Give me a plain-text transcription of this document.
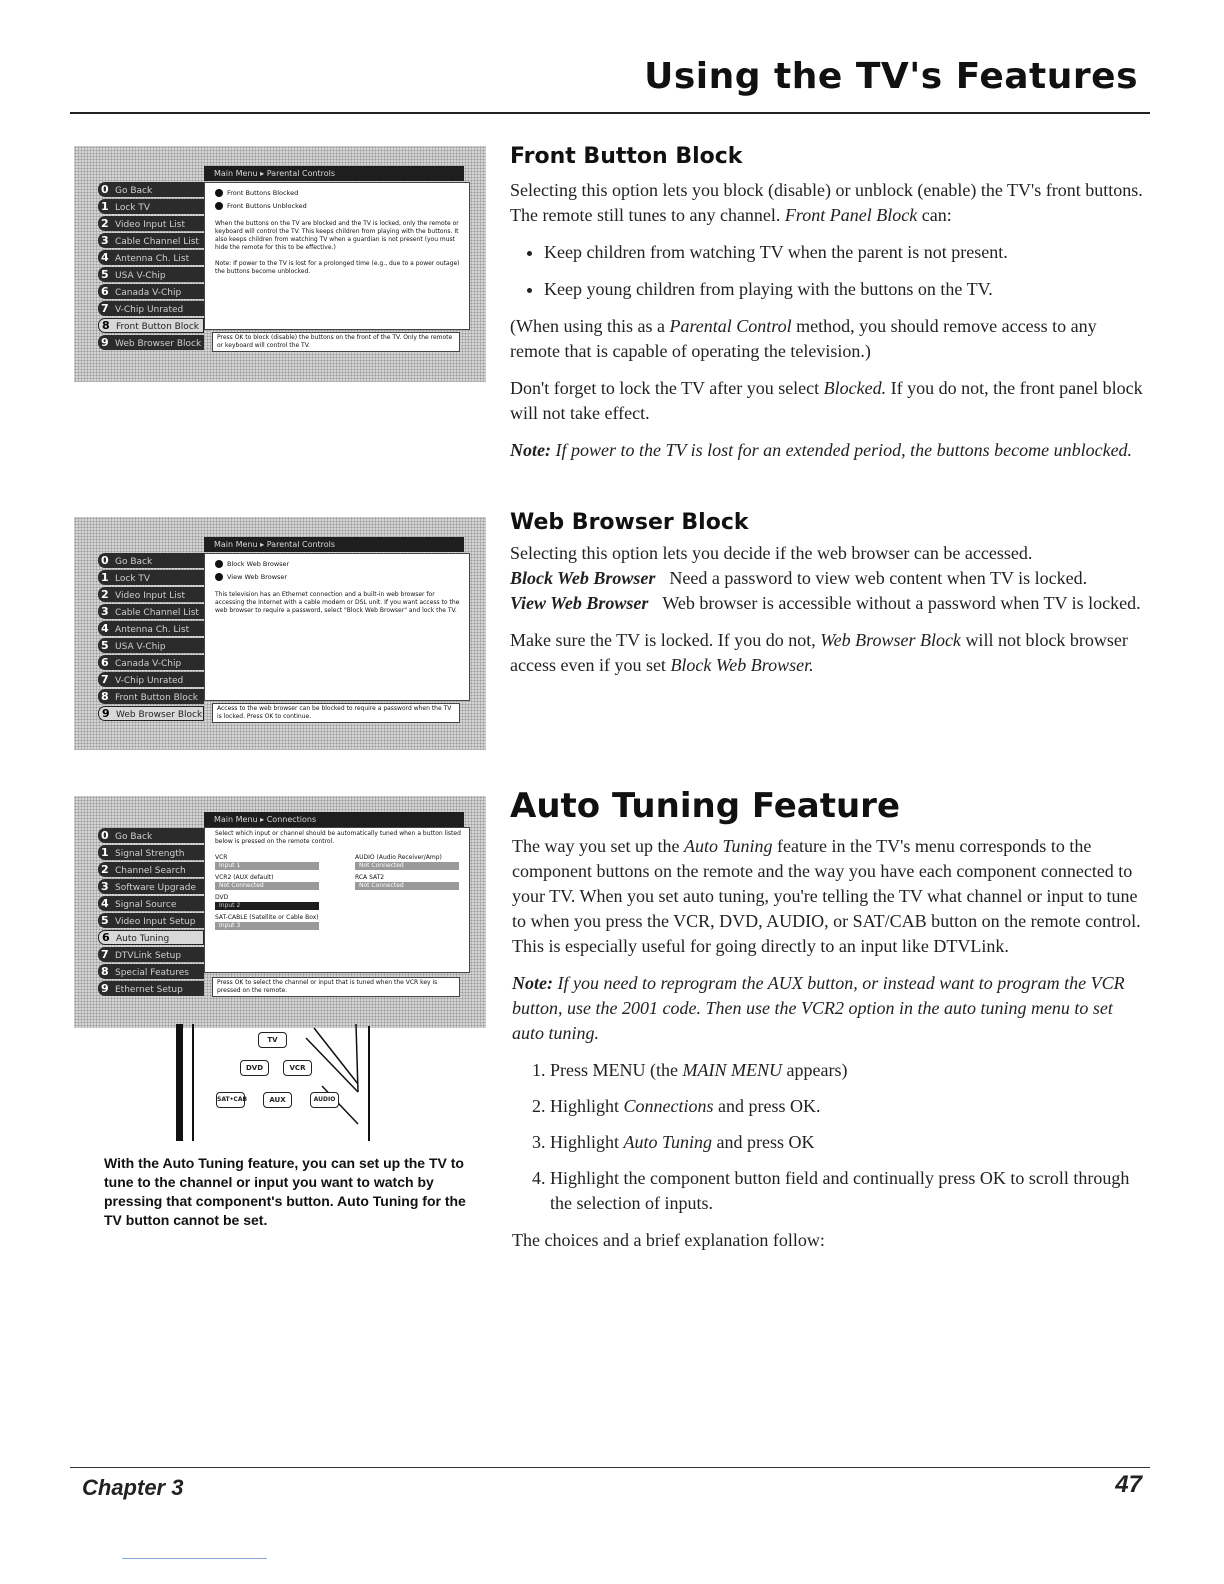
Using the TV's Features
Chapter 3	47
0 Go Back
1 Lock TV
2 Video Input List
3 Cable Channel List
4 Antenna Ch. List
5 USA V-Chip
6 Canada V-Chip
7 V-Chip Unrated
8 Front Button Block
9 Web Browser Block
Main Menu ▸ Parental Controls
Front Buttons Blocked
Front Buttons Unblocked

When the buttons on the TV are blocked and the TV is locked, only the remote or keyboard will control the TV. This keeps children from playing with the buttons. It also keeps children from watching TV when a guardian is not present (you must hide the remote for this to be effective.)

Note: If power to the TV is lost for a prolonged time (e.g., due to a power outage) the buttons become unblocked.

Press OK to block (disable) the buttons on the front of the TV. Only the remote or keyboard will control the TV.
0 Go Back
1 Lock TV
2 Video Input List
3 Cable Channel List
4 Antenna Ch. List
5 USA V-Chip
6 Canada V-Chip
7 V-Chip Unrated
8 Front Button Block
9 Web Browser Block
Main Menu ▸ Parental Controls
Block Web Browser
View Web Browser

This television has an Ethernet connection and a built-in web browser for accessing the Internet with a cable modem or DSL unit. If you want access to the web browser to require a password, select "Block Web Browser" and lock the TV.

Access to the web browser can be blocked to require a password when the TV is locked. Press OK to continue.
0 Go Back
1 Signal Strength
2 Channel Search
3 Software Upgrade
4 Signal Source
5 Video Input Setup
6 Auto Tuning
7 DTVLink Setup
8 Special Features
9 Ethernet Setup
Main Menu ▸ Connections

Select which input or channel should be automatically tuned when a button listed below is pressed on the remote control.

VCR
Input 1
VCR2 (AUX default)
Not Connected
DVD
Input 2
SAT-CABLE (Satellite or Cable Box)
Input 3
AUDIO (Audio Receiver/Amp)
Not Connected
RCA SAT2
Not Connected
Press OK to select the channel or input that is tuned when the VCR key is pressed on the remote.
TV
DVD	VCR
SAT•CAB	AUX	AUDIO
With the Auto Tuning feature, you can set up the TV to tune to the channel or input you want to watch by pressing that component's button. Auto Tuning for the TV button cannot be set.
Front Button Block

Selecting this option lets you block (disable) or unblock (enable) the TV's front buttons. The remote still tunes to any channel. Front Panel Block can:

• Keep children from watching TV when the parent is not present.
• Keep young children from playing with the buttons on the TV.

(When using this as a Parental Control method, you should remove access to any remote that is capable of operating the television.)

Don't forget to lock the TV after you select Blocked. If you do not, the front panel block will not take effect.

Note: If power to the TV is lost for an extended period, the buttons become unblocked.

Web Browser Block

Selecting this option lets you decide if the web browser can be accessed.

Block Web Browser Need a password to view web content when TV is locked.

View Web Browser Web browser is accessible without a password when TV is locked.

Make sure the TV is locked. If you do not, Web Browser Block will not block browser access even if you set Block Web Browser.

Auto Tuning Feature

The way you set up the Auto Tuning feature in the TV's menu corresponds to the component buttons on the remote and the way you have each component connected to your TV. When you set auto tuning, you're telling the TV what channel or input to tune to when you press the VCR, DVD, AUDIO, or SAT/CAB button on the remote control. This is especially useful for going directly to an input like DTVLink.

Note: If you need to reprogram the AUX button, or instead want to program the VCR button, use the 2001 code. Then use the VCR2 option in the auto tuning menu to set auto tuning.

1. Press MENU (the MAIN MENU appears)
2. Highlight Connections and press OK.
3. Highlight Auto Tuning and press OK
4. Highlight the component button field and continually press OK to scroll through the selection of inputs.

The choices and a brief explanation follow:
